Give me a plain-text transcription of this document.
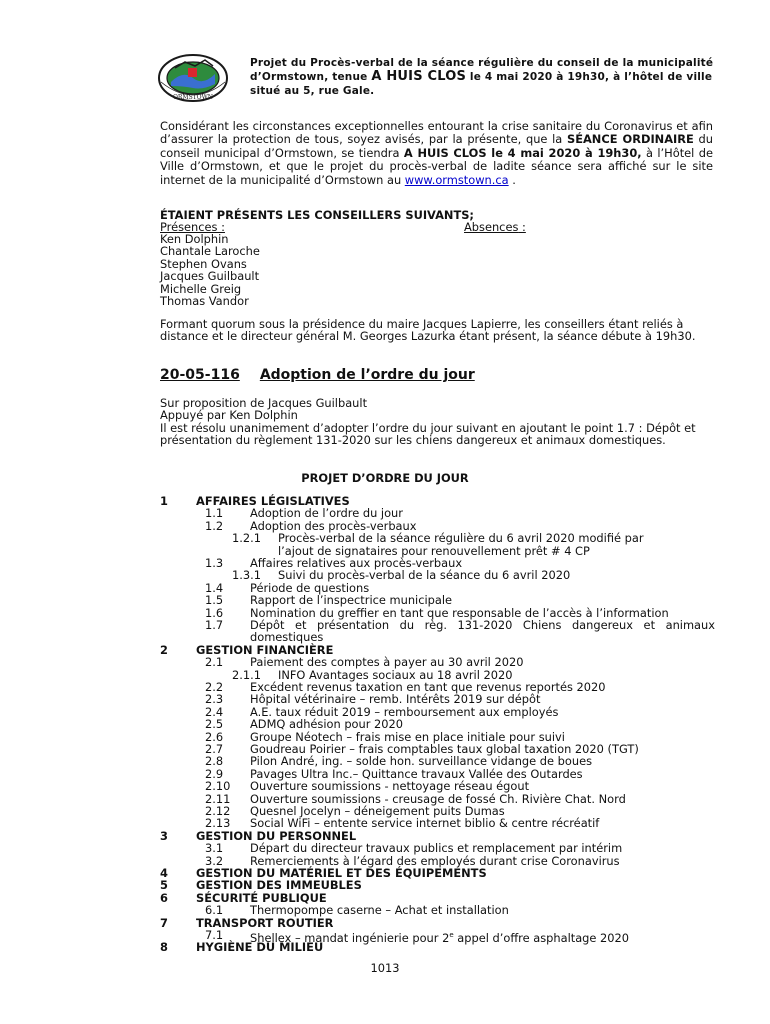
ORMSTOWN
Projet du Procès-verbal de la séance régulière du conseil de la municipalité d’Ormstown, tenue A HUIS CLOS le 4 mai 2020 à 19h30, à l’hôtel de ville situé au 5, rue Gale.
Considérant les circonstances exceptionnelles entourant la crise sanitaire du Coronavirus et afin d’assurer la protection de tous, soyez avisés, par la présente, que la SÉANCE ORDINAIRE du conseil municipal d’Ormstown, se tiendra A HUIS CLOS le 4 mai 2020 à 19h30, à l’Hôtel de Ville d’Ormstown, et que le projet du procès-verbal de ladite séance sera affiché sur le site internet de la municipalité d’Ormstown au www.ormstown.ca .
ÉTAIENT PRÉSENTS LES CONSEILLERS SUIVANTS;
Présences :	Absences :
Ken Dolphin
Chantale Laroche
Stephen Ovans
Jacques Guilbault
Michelle Greig
Thomas Vandor
Formant quorum sous la présidence du maire Jacques Lapierre, les conseillers étant reliés à distance et le directeur général M. Georges Lazurka étant présent, la séance débute à 19h30.
20-05-116 Adoption de l’ordre du jour
Sur proposition de Jacques Guilbault
Appuyé par Ken Dolphin
Il est résolu unanimement d’adopter l’ordre du jour suivant en ajoutant le point 1.7 : Dépôt et présentation du règlement 131-2020 sur les chiens dangereux et animaux domestiques.
PROJET D’ORDRE DU JOUR
1 AFFAIRES LÉGISLATIVES
1.1 Adoption de l’ordre du jour
1.2 Adoption des procès-verbaux
1.2.1 Procès-verbal de la séance régulière du 6 avril 2020 modifié par
l’ajout de signataires pour renouvellement prêt # 4 CP
1.3 Affaires relatives aux procès-verbaux
1.3.1 Suivi du procès-verbal de la séance du 6 avril 2020
1.4 Période de questions
1.5 Rapport de l’inspectrice municipale
1.6 Nomination du greffier en tant que responsable de l’accès à l’information
1.7 Dépôt et présentation du règ. 131-2020 Chiens dangereux et animaux domestiques
2 GESTION FINANCIÈRE
2.1 Paiement des comptes à payer au 30 avril 2020
2.1.1 INFO Avantages sociaux au 18 avril 2020
2.2 Excédent revenus taxation en tant que revenus reportés 2020
2.3 Hôpital vétérinaire – remb. Intérêts 2019 sur dépôt
2.4 A.E. taux réduit 2019 – remboursement aux employés
2.5 ADMQ adhésion pour 2020
2.6 Groupe Néotech – frais mise en place initiale pour suivi
2.7 Goudreau Poirier – frais comptables taux global taxation 2020 (TGT)
2.8 Pilon André, ing. – solde hon. surveillance vidange de boues
2.9 Pavages Ultra Inc.– Quittance travaux Vallée des Outardes
2.10 Ouverture soumissions - nettoyage réseau égout
2.11 Ouverture soumissions - creusage de fossé Ch. Rivière Chat. Nord
2.12 Quesnel Jocelyn – déneigement puits Dumas
2.13 Social WiFi – entente service internet biblio & centre récréatif
3 GESTION DU PERSONNEL
3.1 Départ du directeur travaux publics et remplacement par intérim
3.2 Remerciements à l’égard des employés durant crise Coronavirus
4 GESTION DU MATÉRIEL ET DES ÉQUIPEMENTS
5 GESTION DES IMMEUBLES
6 SÉCURITÉ PUBLIQUE
6.1 Thermopompe caserne – Achat et installation
7 TRANSPORT ROUTIER
7.1 Shellex – mandat ingénierie pour 2e appel d’offre asphaltage 2020
8 HYGIÈNE DU MILIEU
1013
